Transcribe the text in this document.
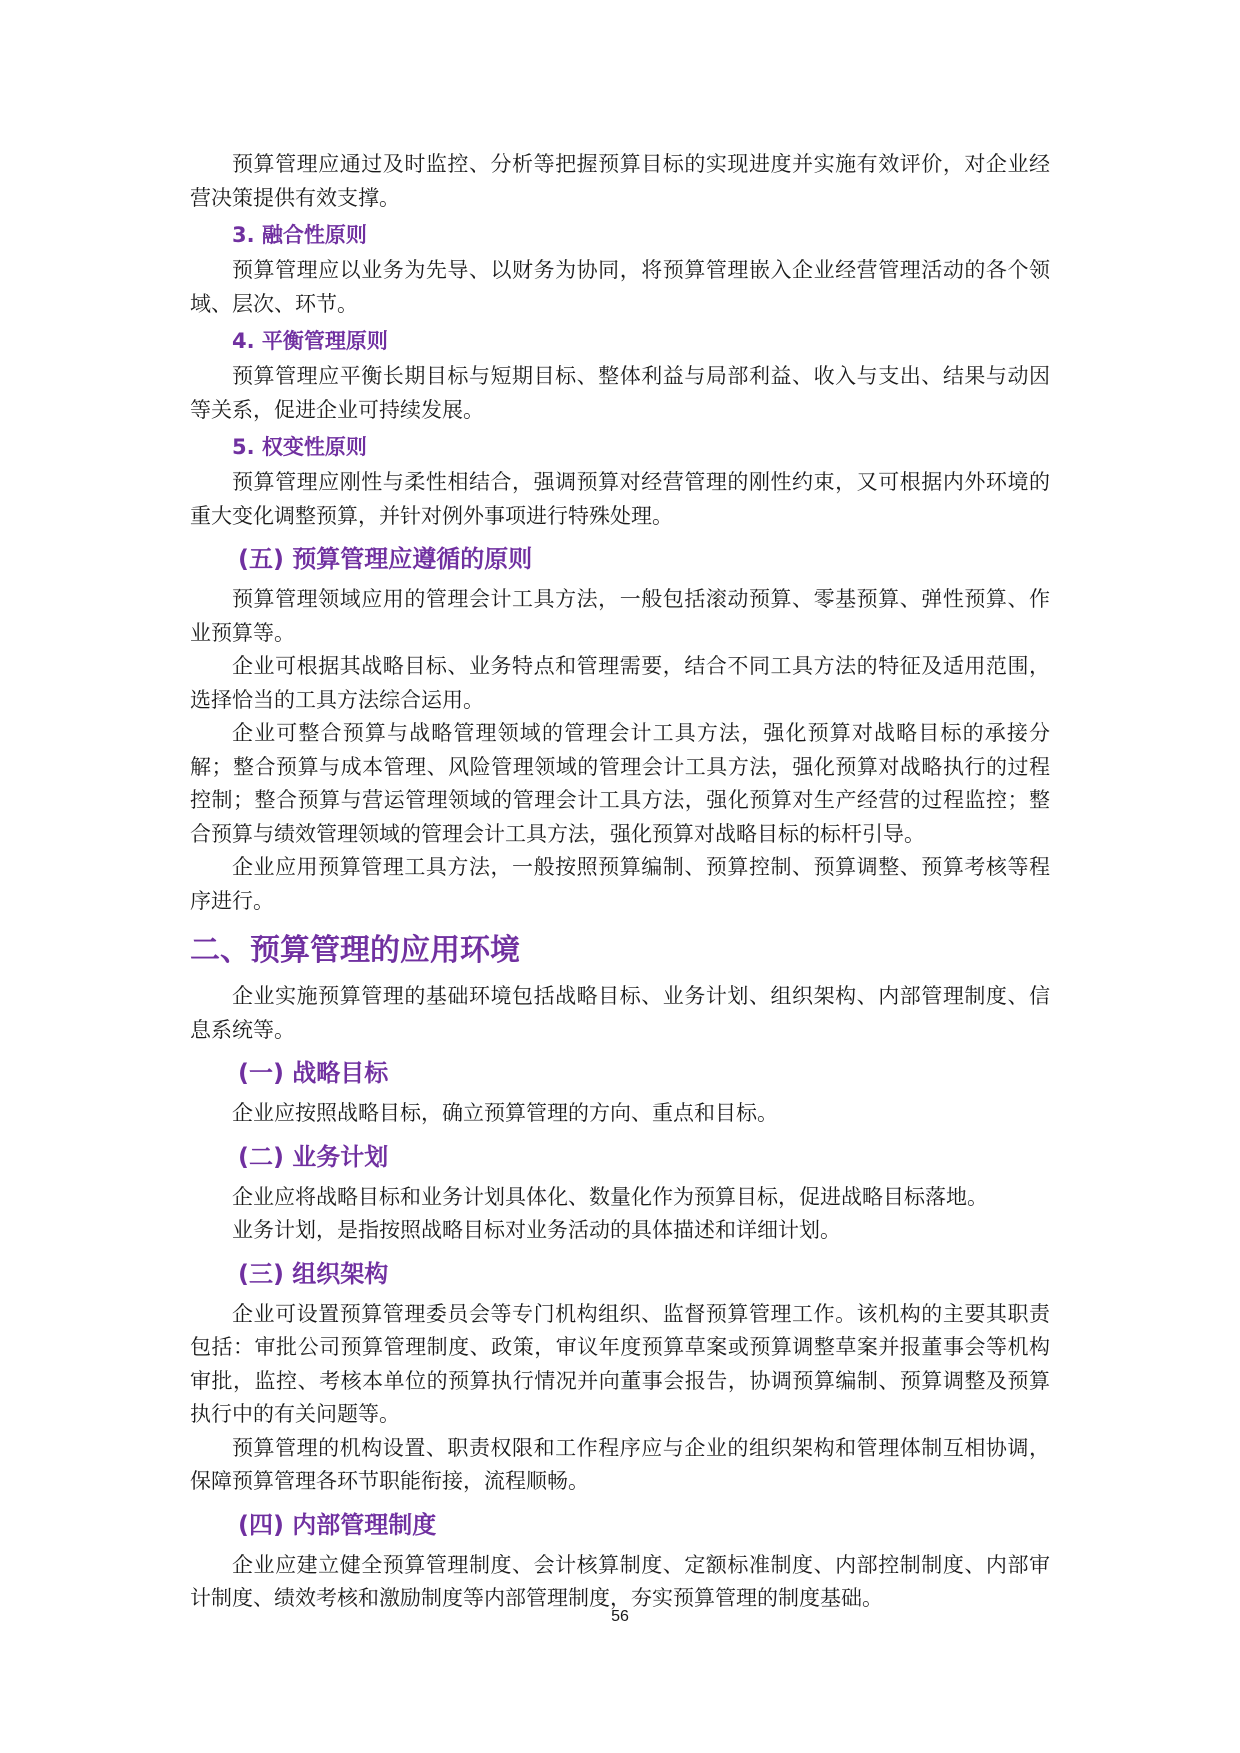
预算管理应通过及时监控、分析等把握预算目标的实现进度并实施有效评价，对企业经营决策提供有效支撑。

3. 融合性原则

预算管理应以业务为先导、以财务为协同，将预算管理嵌入企业经营管理活动的各个领域、层次、环节。

4. 平衡管理原则

预算管理应平衡长期目标与短期目标、整体利益与局部利益、收入与支出、结果与动因等关系，促进企业可持续发展。

5. 权变性原则

预算管理应刚性与柔性相结合，强调预算对经营管理的刚性约束，又可根据内外环境的重大变化调整预算，并针对例外事项进行特殊处理。

(五) 预算管理应遵循的原则

预算管理领域应用的管理会计工具方法，一般包括滚动预算、零基预算、弹性预算、作业预算等。

企业可根据其战略目标、业务特点和管理需要，结合不同工具方法的特征及适用范围，选择恰当的工具方法综合运用。

企业可整合预算与战略管理领域的管理会计工具方法，强化预算对战略目标的承接分解；整合预算与成本管理、风险管理领域的管理会计工具方法，强化预算对战略执行的过程控制；整合预算与营运管理领域的管理会计工具方法，强化预算对生产经营的过程监控；整合预算与绩效管理领域的管理会计工具方法，强化预算对战略目标的标杆引导。

企业应用预算管理工具方法，一般按照预算编制、预算控制、预算调整、预算考核等程序进行。

二、预算管理的应用环境

企业实施预算管理的基础环境包括战略目标、业务计划、组织架构、内部管理制度、信息系统等。

(一) 战略目标

企业应按照战略目标，确立预算管理的方向、重点和目标。

(二) 业务计划

企业应将战略目标和业务计划具体化、数量化作为预算目标，促进战略目标落地。

业务计划，是指按照战略目标对业务活动的具体描述和详细计划。

(三) 组织架构

企业可设置预算管理委员会等专门机构组织、监督预算管理工作。该机构的主要其职责包括：审批公司预算管理制度、政策，审议年度预算草案或预算调整草案并报董事会等机构审批，监控、考核本单位的预算执行情况并向董事会报告，协调预算编制、预算调整及预算执行中的有关问题等。

预算管理的机构设置、职责权限和工作程序应与企业的组织架构和管理体制互相协调，保障预算管理各环节职能衔接，流程顺畅。

(四) 内部管理制度

企业应建立健全预算管理制度、会计核算制度、定额标准制度、内部控制制度、内部审计制度、绩效考核和激励制度等内部管理制度，夯实预算管理的制度基础。

56
